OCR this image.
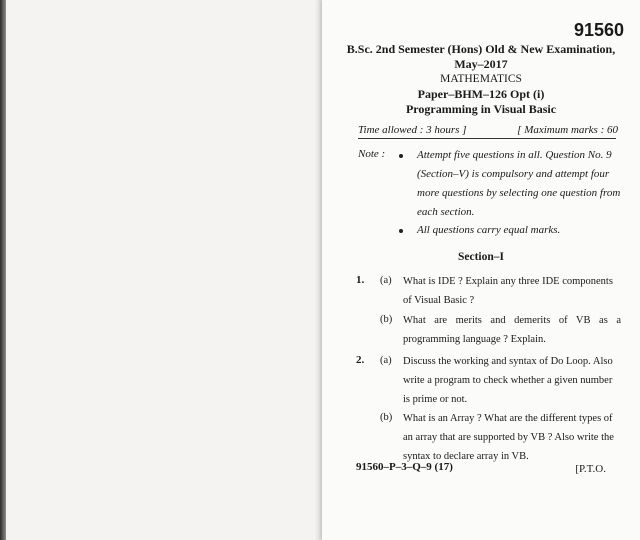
91560
B.Sc. 2nd Semester (Hons) Old & New Examination,
May–2017
MATHEMATICS
Paper–BHM–126 Opt (i)
Programming in Visual Basic
Time allowed : 3 hours ]	[ Maximum marks : 60
Note :	Attempt five questions in all. Question No. 9 (Section–V) is compulsory and attempt four more questions by selecting one question from each section.
All questions carry equal marks.
Section–I
1. (a) What is IDE ? Explain any three IDE components of Visual Basic ?
(b) What are merits and demerits of VB as a programming language ? Explain.
2. (a) Discuss the working and syntax of Do Loop. Also write a program to check whether a given number is prime or not.
(b) What is an Array ? What are the different types of an array that are supported by VB ? Also write the syntax to declare array in VB.
91560–P–3–Q–9 (17)	[P.T.O.
